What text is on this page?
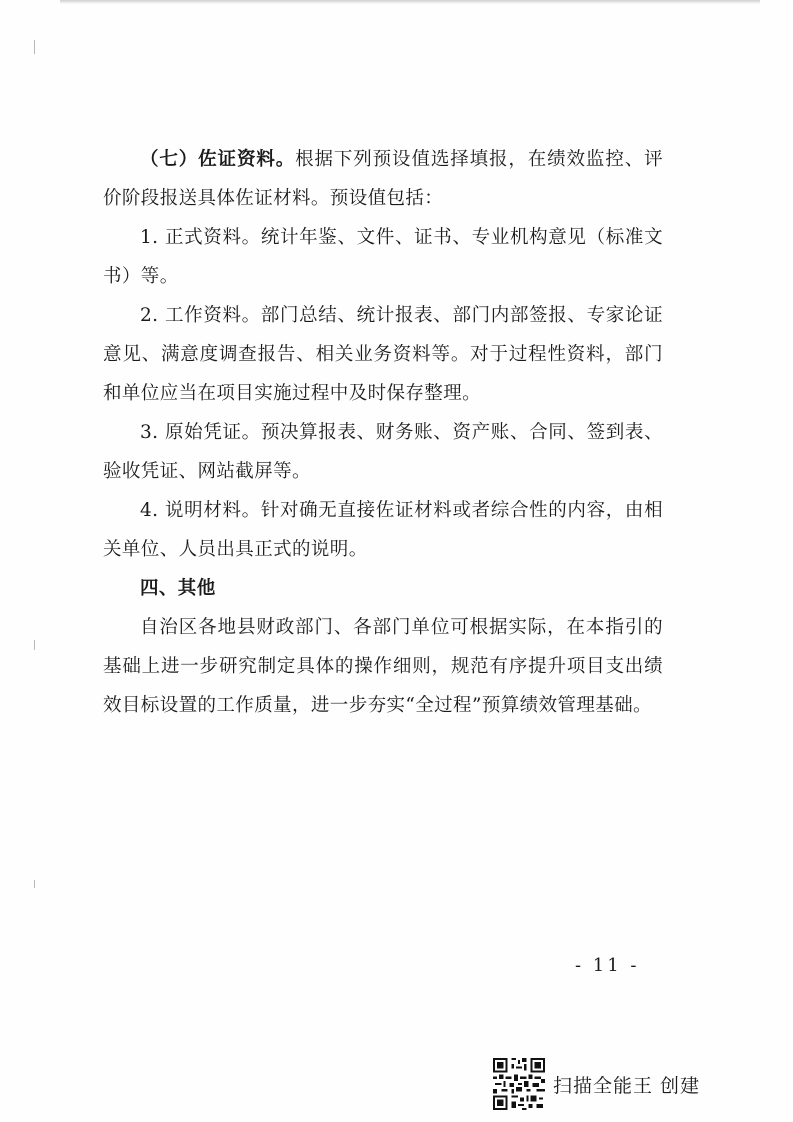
（七）佐证资料。根据下列预设值选择填报，在绩效监控、评价阶段报送具体佐证材料。预设值包括：

1. 正式资料。统计年鉴、文件、证书、专业机构意见（标准文书）等。

2. 工作资料。部门总结、统计报表、部门内部签报、专家论证意见、满意度调查报告、相关业务资料等。对于过程性资料，部门和单位应当在项目实施过程中及时保存整理。

3. 原始凭证。预决算报表、财务账、资产账、合同、签到表、验收凭证、网站截屏等。

4. 说明材料。针对确无直接佐证材料或者综合性的内容，由相关单位、人员出具正式的说明。

四、其他

自治区各地县财政部门、各部门单位可根据实际，在本指引的基础上进一步研究制定具体的操作细则，规范有序提升项目支出绩效目标设置的工作质量，进一步夯实“全过程”预算绩效管理基础。

- 11 -
扫描全能王 创建
